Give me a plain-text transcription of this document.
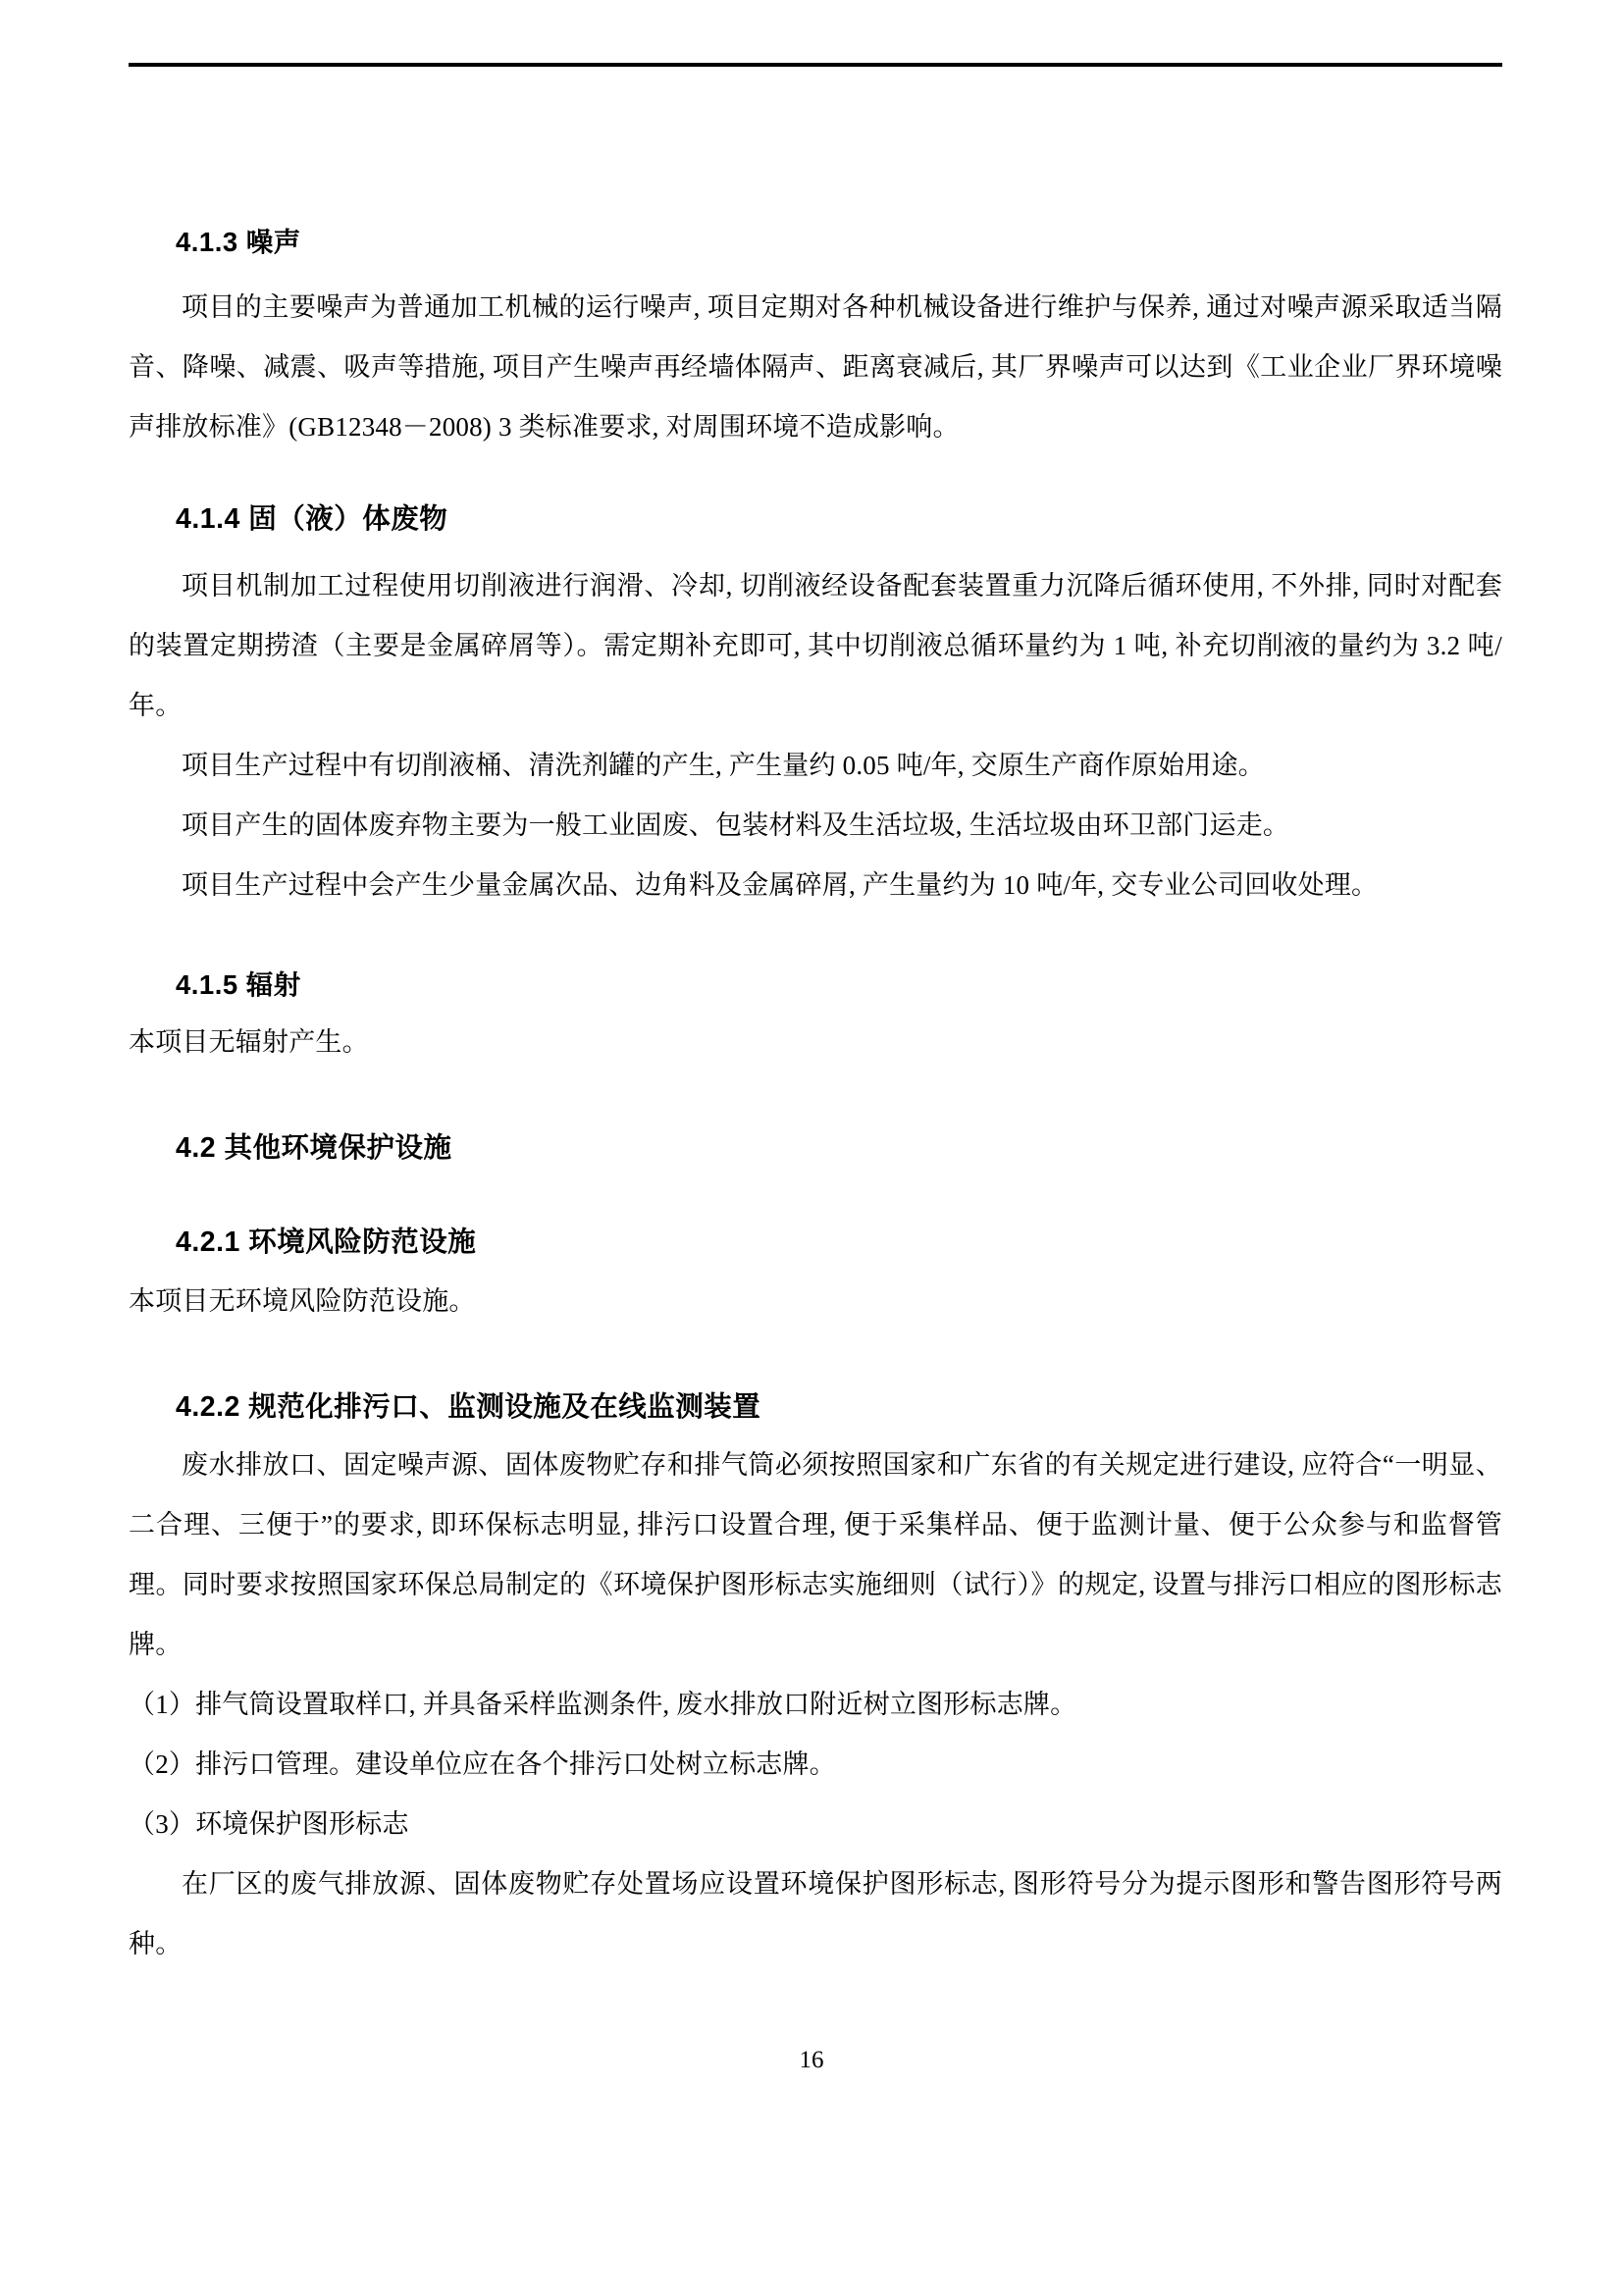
4.1.3 噪声

项目的主要噪声为普通加工机械的运行噪声, 项目定期对各种机械设备进行维护与保养, 通过对噪声源采取适当隔音、降噪、减震、吸声等措施, 项目产生噪声再经墙体隔声、距离衰减后, 其厂界噪声可以达到《工业企业厂界环境噪声排放标准》(GB12348－2008) 3 类标准要求, 对周围环境不造成影响。

4.1.4 固（液）体废物

项目机制加工过程使用切削液进行润滑、冷却, 切削液经设备配套装置重力沉降后循环使用, 不外排, 同时对配套的装置定期捞渣（主要是金属碎屑等）。需定期补充即可, 其中切削液总循环量约为 1 吨, 补充切削液的量约为 3.2 吨/年。

项目生产过程中有切削液桶、清洗剂罐的产生, 产生量约 0.05 吨/年, 交原生产商作原始用途。

项目产生的固体废弃物主要为一般工业固废、包装材料及生活垃圾, 生活垃圾由环卫部门运走。

项目生产过程中会产生少量金属次品、边角料及金属碎屑, 产生量约为 10 吨/年, 交专业公司回收处理。

4.1.5 辐射

本项目无辐射产生。

4.2 其他环境保护设施
4.2.1 环境风险防范设施

本项目无环境风险防范设施。

4.2.2 规范化排污口、监测设施及在线监测装置

废水排放口、固定噪声源、固体废物贮存和排气筒必须按照国家和广东省的有关规定进行建设, 应符合“一明显、二合理、三便于”的要求, 即环保标志明显, 排污口设置合理, 便于采集样品、便于监测计量、便于公众参与和监督管理。同时要求按照国家环保总局制定的《环境保护图形标志实施细则（试行）》的规定, 设置与排污口相应的图形标志牌。

（1）排气筒设置取样口, 并具备采样监测条件, 废水排放口附近树立图形标志牌。

（2）排污口管理。建设单位应在各个排污口处树立标志牌。

（3）环境保护图形标志

在厂区的废气排放源、固体废物贮存处置场应设置环境保护图形标志, 图形符号分为提示图形和警告图形符号两种。

16
